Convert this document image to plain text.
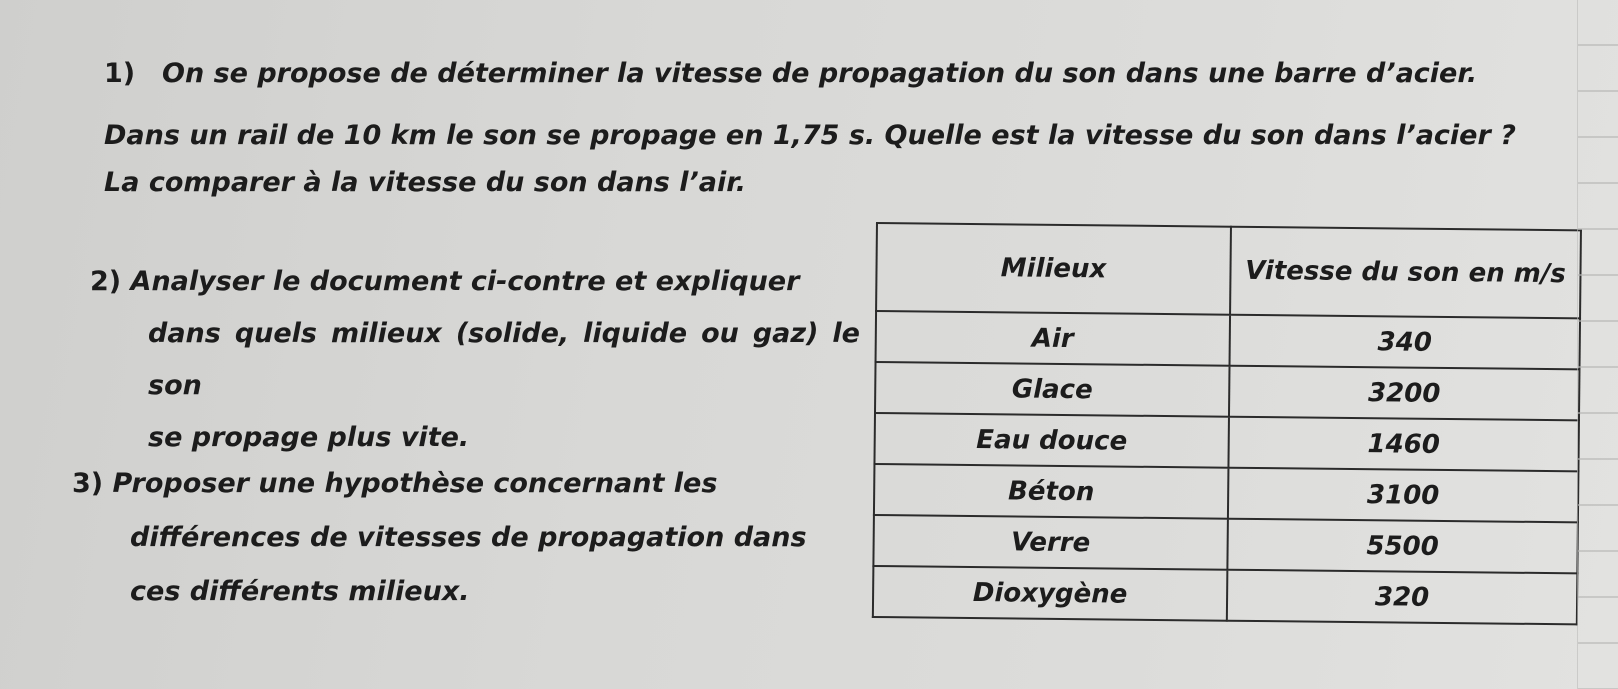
1) On se propose de déterminer la vitesse de propagation du son dans une barre d’acier.
Dans un rail de 10 km le son se propage en 1,75 s. Quelle est la vitesse du son dans l’acier ? La comparer à la vitesse du son dans l’air.
2) Analyser le document ci-contre et expliquer
dans quels milieux (solide, liquide ou gaz) le son
se propage plus vite.
3) Proposer une hypothèse concernant les
différences de vitesses de propagation dans
ces différents milieux.
Milieux	Vitesse du son en m/s
Air	340
Glace	3200
Eau douce	1460
Béton	3100
Verre	5500
Dioxygène	320
